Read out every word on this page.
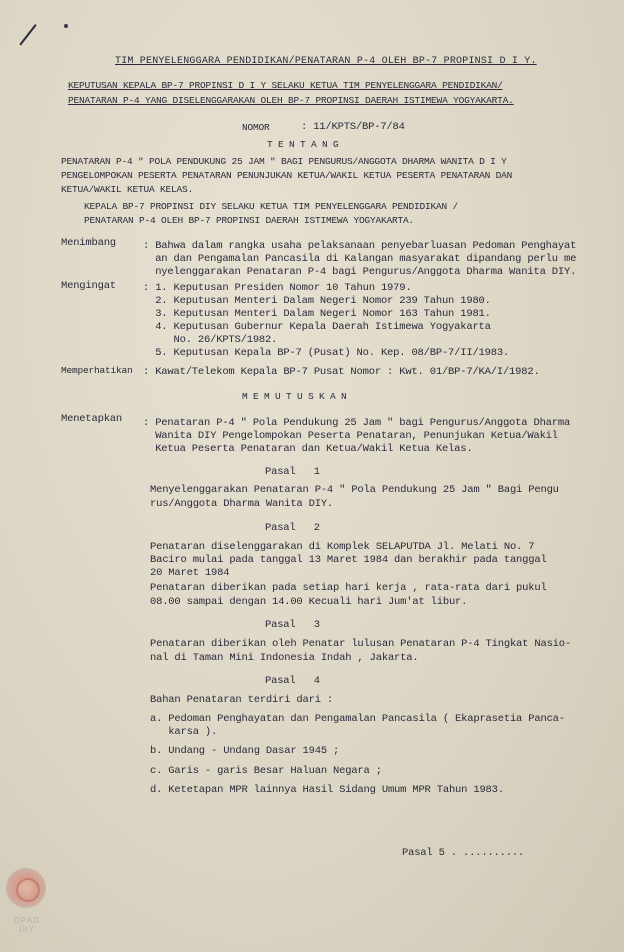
TIM PENYELENGGARA PENDIDIKAN/PENATARAN P-4 OLEH BP-7 PROPINSI D I Y.
KEPUTUSAN KEPALA BP-7 PROPINSI D I Y SELAKU KETUA TIM PENYELENGGARA PENDIDIKAN/
PENATARAN P-4 YANG DISELENGGARAKAN OLEH BP-7 PROPINSI DAERAH ISTIMEWA YOGYAKARTA.
NOMOR	: 11/KPTS/BP-7/84
T E N T A N G
PENATARAN P-4 " POLA PENDUKUNG 25 JAM " BAGI PENGURUS/ANGGOTA DHARMA WANITA D I Y
PENGELOMPOKAN PESERTA PENATARAN PENUNJUKAN KETUA/WAKIL KETUA PESERTA PENATARAN DAN
KETUA/WAKIL KETUA KELAS.
KEPALA BP-7 PROPINSI DIY SELAKU KETUA TIM PENYELENGGARA PENDIDIKAN /
PENATARAN P-4 OLEH BP-7 PROPINSI DAERAH ISTIMEWA YOGYAKARTA.
Menimbang	: Bahwa dalam rangka usaha pelaksanaan penyebarluasan Pedoman Penghayat
an dan Pengamalan Pancasila di Kalangan masyarakat dipandang perlu me
nyelenggarakan Penataran P-4 bagi Pengurus/Anggota Dharma Wanita DIY.
Mengingat	: 1. Keputusan Presiden Nomor 10 Tahun 1979.
2. Keputusan Menteri Dalam Negeri Nomor 239 Tahun 1980.
3. Keputusan Menteri Dalam Negeri Nomor 163 Tahun 1981.
4. Keputusan Gubernur Kepala Daerah Istimewa Yogyakarta
No. 26/KPTS/1982.
5. Keputusan Kepala BP-7 (Pusat) No. Kep. 08/BP-7/II/1983.
Memperhatikan : Kawat/Telekom Kepala BP-7 Pusat Nomor : Kwt. 01/BP-7/KA/I/1982.
M E M U T U S K A N
Menetapkan : Penataran P-4 " Pola Pendukung 25 Jam " bagi Pengurus/Anggota Dharma
Wanita DIY Pengelompokan Peserta Penataran, Penunjukan Ketua/Wakil
Ketua Peserta Penataran dan Ketua/Wakil Ketua Kelas.
Pasal   1
Menyelenggarakan Penataran P-4 " Pola Pendukung 25 Jam " Bagi Pengu
rus/Anggota Dharma Wanita DIY.
Pasal   2
Penataran diselenggarakan di Komplek SELAPUTDA Jl. Melati No. 7
Baciro mulai pada tanggal 13 Maret 1984 dan berakhir pada tanggal
20 Maret 1984
Penataran diberikan pada setiap hari kerja , rata-rata dari pukul
08.00 sampai dengan 14.00 Kecuali hari Jum'at libur.
Pasal   3
Penataran diberikan oleh Penatar lulusan Penataran P-4 Tingkat Nasio-
nal di Taman Mini Indonesia Indah , Jakarta.
Pasal   4
Bahan Penataran terdiri dari :
a. Pedoman Penghayatan dan Pengamalan Pancasila ( Ekaprasetia Panca-
karsa ).
b. Undang - Undang Dasar 1945 ;
c. Garis - garis Besar Haluan Negara ;
d. Ketetapan MPR lainnya Hasil Sidang Umum MPR Tahun 1983.
Pasal 5 . ..........
DPAD
DIY
